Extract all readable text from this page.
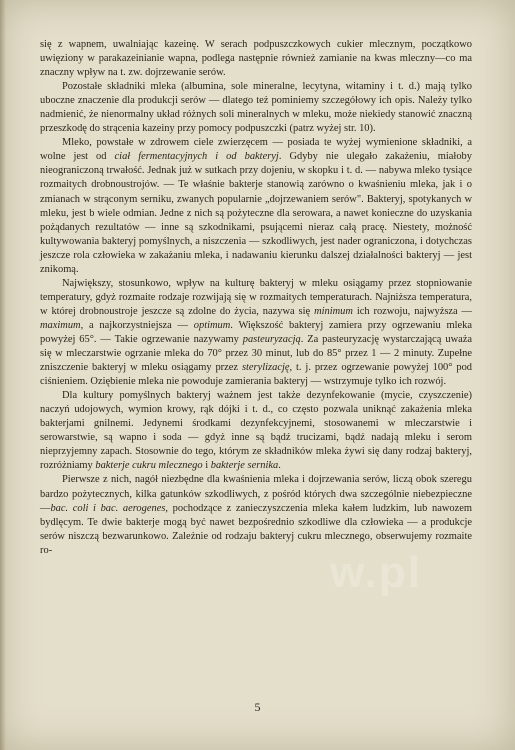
się z wapnem, uwalniając kazeinę. W serach podpuszczkowych cukier mlecznym, początkowo uwięziony w parakazeinianie wapna, podlega następnie również zamianie na kwas mleczny—co ma znaczny wpływ na t. zw. dojrzewanie serów.

Pozostałe składniki mleka (albumina, sole mineralne, lecytyna, witaminy i t. d.) mają tylko uboczne znaczenie dla produkcji serów — dlatego też pominiemy szczegółowy ich opis. Należy tylko nadmienić, że nienormalny układ różnych soli mineralnych w mleku, może niekiedy stanowić znaczną przeszkodę do strącenia kazeiny przy pomocy podpuszczki (patrz wyżej str. 10).

Mleko, powstałe w zdrowem ciele zwierzęcem — posiada te wyżej wymienione składniki, a wolne jest od ciał fermentacyjnych i od bakteryj. Gdyby nie ulegało zakażeniu, miałoby nieograniczoną trwałość. Jednak już w sutkach przy dojeniu, w skopku i t. d. — nabywa mleko tysiące rozmaitych drobnoustrojów. — Te właśnie bakterje stanowią zarówno o kwaśnieniu mleka, jak i o zmianach w strąconym serniku, zwanych popularnie „dojrzewaniem serów". Bakteryj, spotykanych w mleku, jest b wiele odmian. Jedne z nich są pożyteczne dla serowara, a nawet konieczne do uzyskania pożądanych rezultatów — inne są szkodnikami, psującemi nieraz całą pracę. Niestety, możność kultywowania bakteryj pomyślnych, a niszczenia — szkodliwych, jest nader ograniczona, i dotychczas jeszcze rola człowieka w zakażaniu mleka, i nadawaniu kierunku dalszej działalności bakteryj — jest znikomą.

Największy, stosunkowo, wpływ na kulturę bakteryj w mleku osiągamy przez stopniowanie temperatury, gdyż rozmaite rodzaje rozwijają się w rozmaitych temperaturach. Najniższa temperatura, w której drobnoustroje jeszcze są zdolne do życia, nazywa się minimum ich rozwoju, najwyższa — maximum, a najkorzystniejsza — optimum. Większość bakteryj zamiera przy ogrzewaniu mleka powyżej 65°. — Takie ogrzewanie nazywamy pasteuryzacją. Za pasteuryzację wystarczającą uważa się w mleczarstwie ogrzanie mleka do 70° przez 30 minut, lub do 85° przez 1 — 2 minuty. Zupełne zniszczenie bakteryj w mleku osiągamy przez sterylizację, t. j. przez ogrzewanie powyżej 100° pod ciśnieniem. Oziębienie mleka nie powoduje zamierania bakteryj — wstrzymuje tylko ich rozwój.

Dla kultury pomyślnych bakteryj ważnem jest także dezynfekowanie (mycie, czyszczenie) naczyń udojowych, wymion krowy, rąk dójki i t. d., co często pozwala uniknąć zakażenia mleka bakterjami gnilnemi. Jedynemi środkami dezynfekcyjnemi, stosowanemi w mleczarstwie i serowarstwie, są wapno i soda — gdyż inne są bądź trucizami, bądź nadają mleku i serom nieprzyjemny zapach. Stosownie do tego, którym ze składników mleka żywi się dany rodzaj bakteryj, rozróżniamy bakterje cukru mlecznego i bakterje sernika.

Pierwsze z nich, nagół niezbędne dla kwaśnienia mleka i dojrzewania serów, liczą obok szeregu bardzo pożytecznych, kilka gatunków szkodliwych, z pośród których dwa szczególnie niebezpieczne —bac. coli i bac. aerogenes, pochodzące z zanieczyszczenia mleka kałem ludzkim, lub nawozem bydlęcym. Te dwie bakterje mogą być nawet bezpośrednio szkodliwe dla człowieka — a produkcje serów niszczą bezwarunkowo. Zależnie od rodzaju bakteryj cukru mlecznego, obserwujemy rozmaite ro-	w.pl
5
